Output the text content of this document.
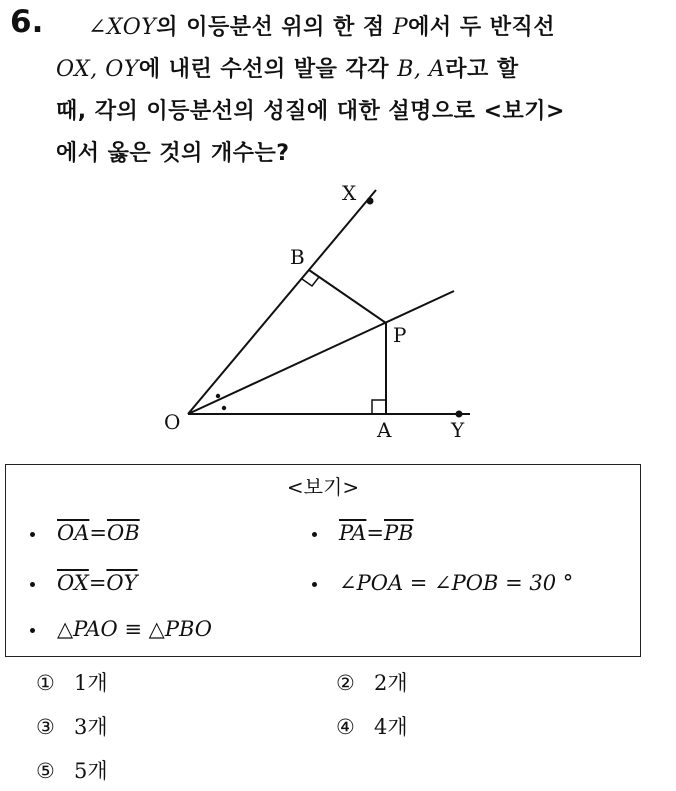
6. ∠XOY의 이등분선 위의 한 점 P에서 두 반직선
OX, OY에 내린 수선의 발을 각각 B, A라고 할
때, 각의 이등분선의 성질에 대한 설명으로 <보기>
에서 옳은 것의 개수는?
X
B
P
O	A	Y
<보기>
$\overline{OA}=\overline{OB}$	$\overline{PA}=\overline{PB}$
$\overline{OX}=\overline{OY}$	∠POA = ∠POB = 30 °
△PAO ≡ △PBO
① 1개	② 2개
③ 3개	④ 4개
⑤ 5개
